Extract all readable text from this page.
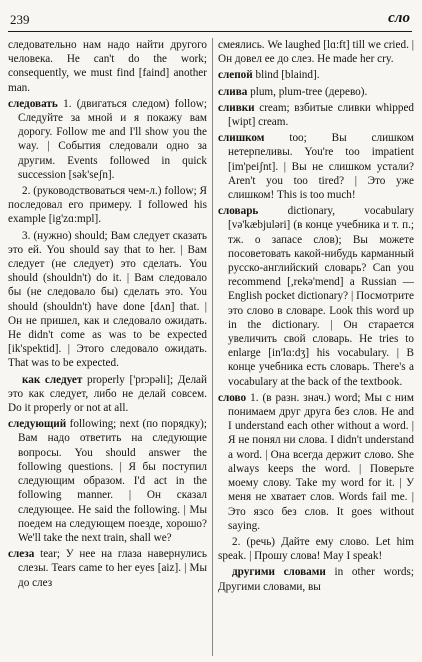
239	сло

следовательно нам надо найти другого человека. He can't do the work; consequently, we must find [faind] another man.

следовать 1. (двигаться следом) follow; Следуйте за мной и я покажу вам дорогу. Follow me and I'll show you the way. | События следовали одно за другим. Events followed in quick succession [sək'seʃn].

2. (руководствоваться чем-л.) follow; Я последовал его примеру. I followed his example [ig'zɑ:mpl].

3. (нужно) should; Вам следует сказать это ей. You should say that to her. | Вам следует (не следует) это сделать. You should (shouldn't) do it. | Вам следовало бы (не следовало бы) сделать это. You should (shouldn't) have done [dʌn] that. | Он не пришел, как и следовало ожидать. He didn't come as was to be expected [ik'spektid]. | Этого следовало ожидать. That was to be expected.

как следует properly ['prɔpəli]; Делай это как следует, либо не делай совсем. Do it properly or not at all.

следующий following; next (по порядку); Вам надо ответить на следующие вопросы. You should answer the following questions. | Я бы поступил следующим образом. I'd act in the following manner. | Он сказал следующее. He said the following. | Мы поедем на следующем поезде, хорошо? We'll take the next train, shall we?

слеза tear; У нее на глаза навернулись слезы. Tears came to her eyes [aiz]. | Мы до слез

смеялись. We laughed [lɑ:ft] till we cried. | Он довел ее до слез. He made her cry.

слепой blind [blaind].

слива plum, plum-tree (дерево).

сливки cream; взбитые сливки whipped [wipt] cream.

слишком too; Вы слишком нетерпеливы. You're too impatient [im'peiʃnt]. | Вы не слишком устали? Aren't you too tired? | Это уже слишком! This is too much!

словарь dictionary, vocabulary [və'kæbjuləri] (в конце учебника и т. п.; тж. о запасе слов); Вы можете посоветовать какой-нибудь карманный русско-английский словарь? Can you recommend [,rekə'mend] a Russian — English pocket dictionary? | Посмотрите это слово в словаре. Look this word up in the dictionary. | Он старается увеличить свой словарь. He tries to enlarge [in'lɑ:dʒ] his vocabulary. | В конце учебника есть словарь. There's a vocabulary at the back of the textbook.

слово 1. (в разн. знач.) word; Мы с ним понимаем друг друга без слов. He and I understand each other without a word. | Я не понял ни слова. I didn't understand a word. | Она всегда держит слово. She always keeps the word. | Поверьте моему слову. Take my word for it. | У меня не хватает слов. Words fail me. | Это язсо без слов. It goes without saying.

2. (речь) Дайте ему слово. Let him speak. | Прошу слова! May I speak!

другими словами in other words; Другими словами, вы
